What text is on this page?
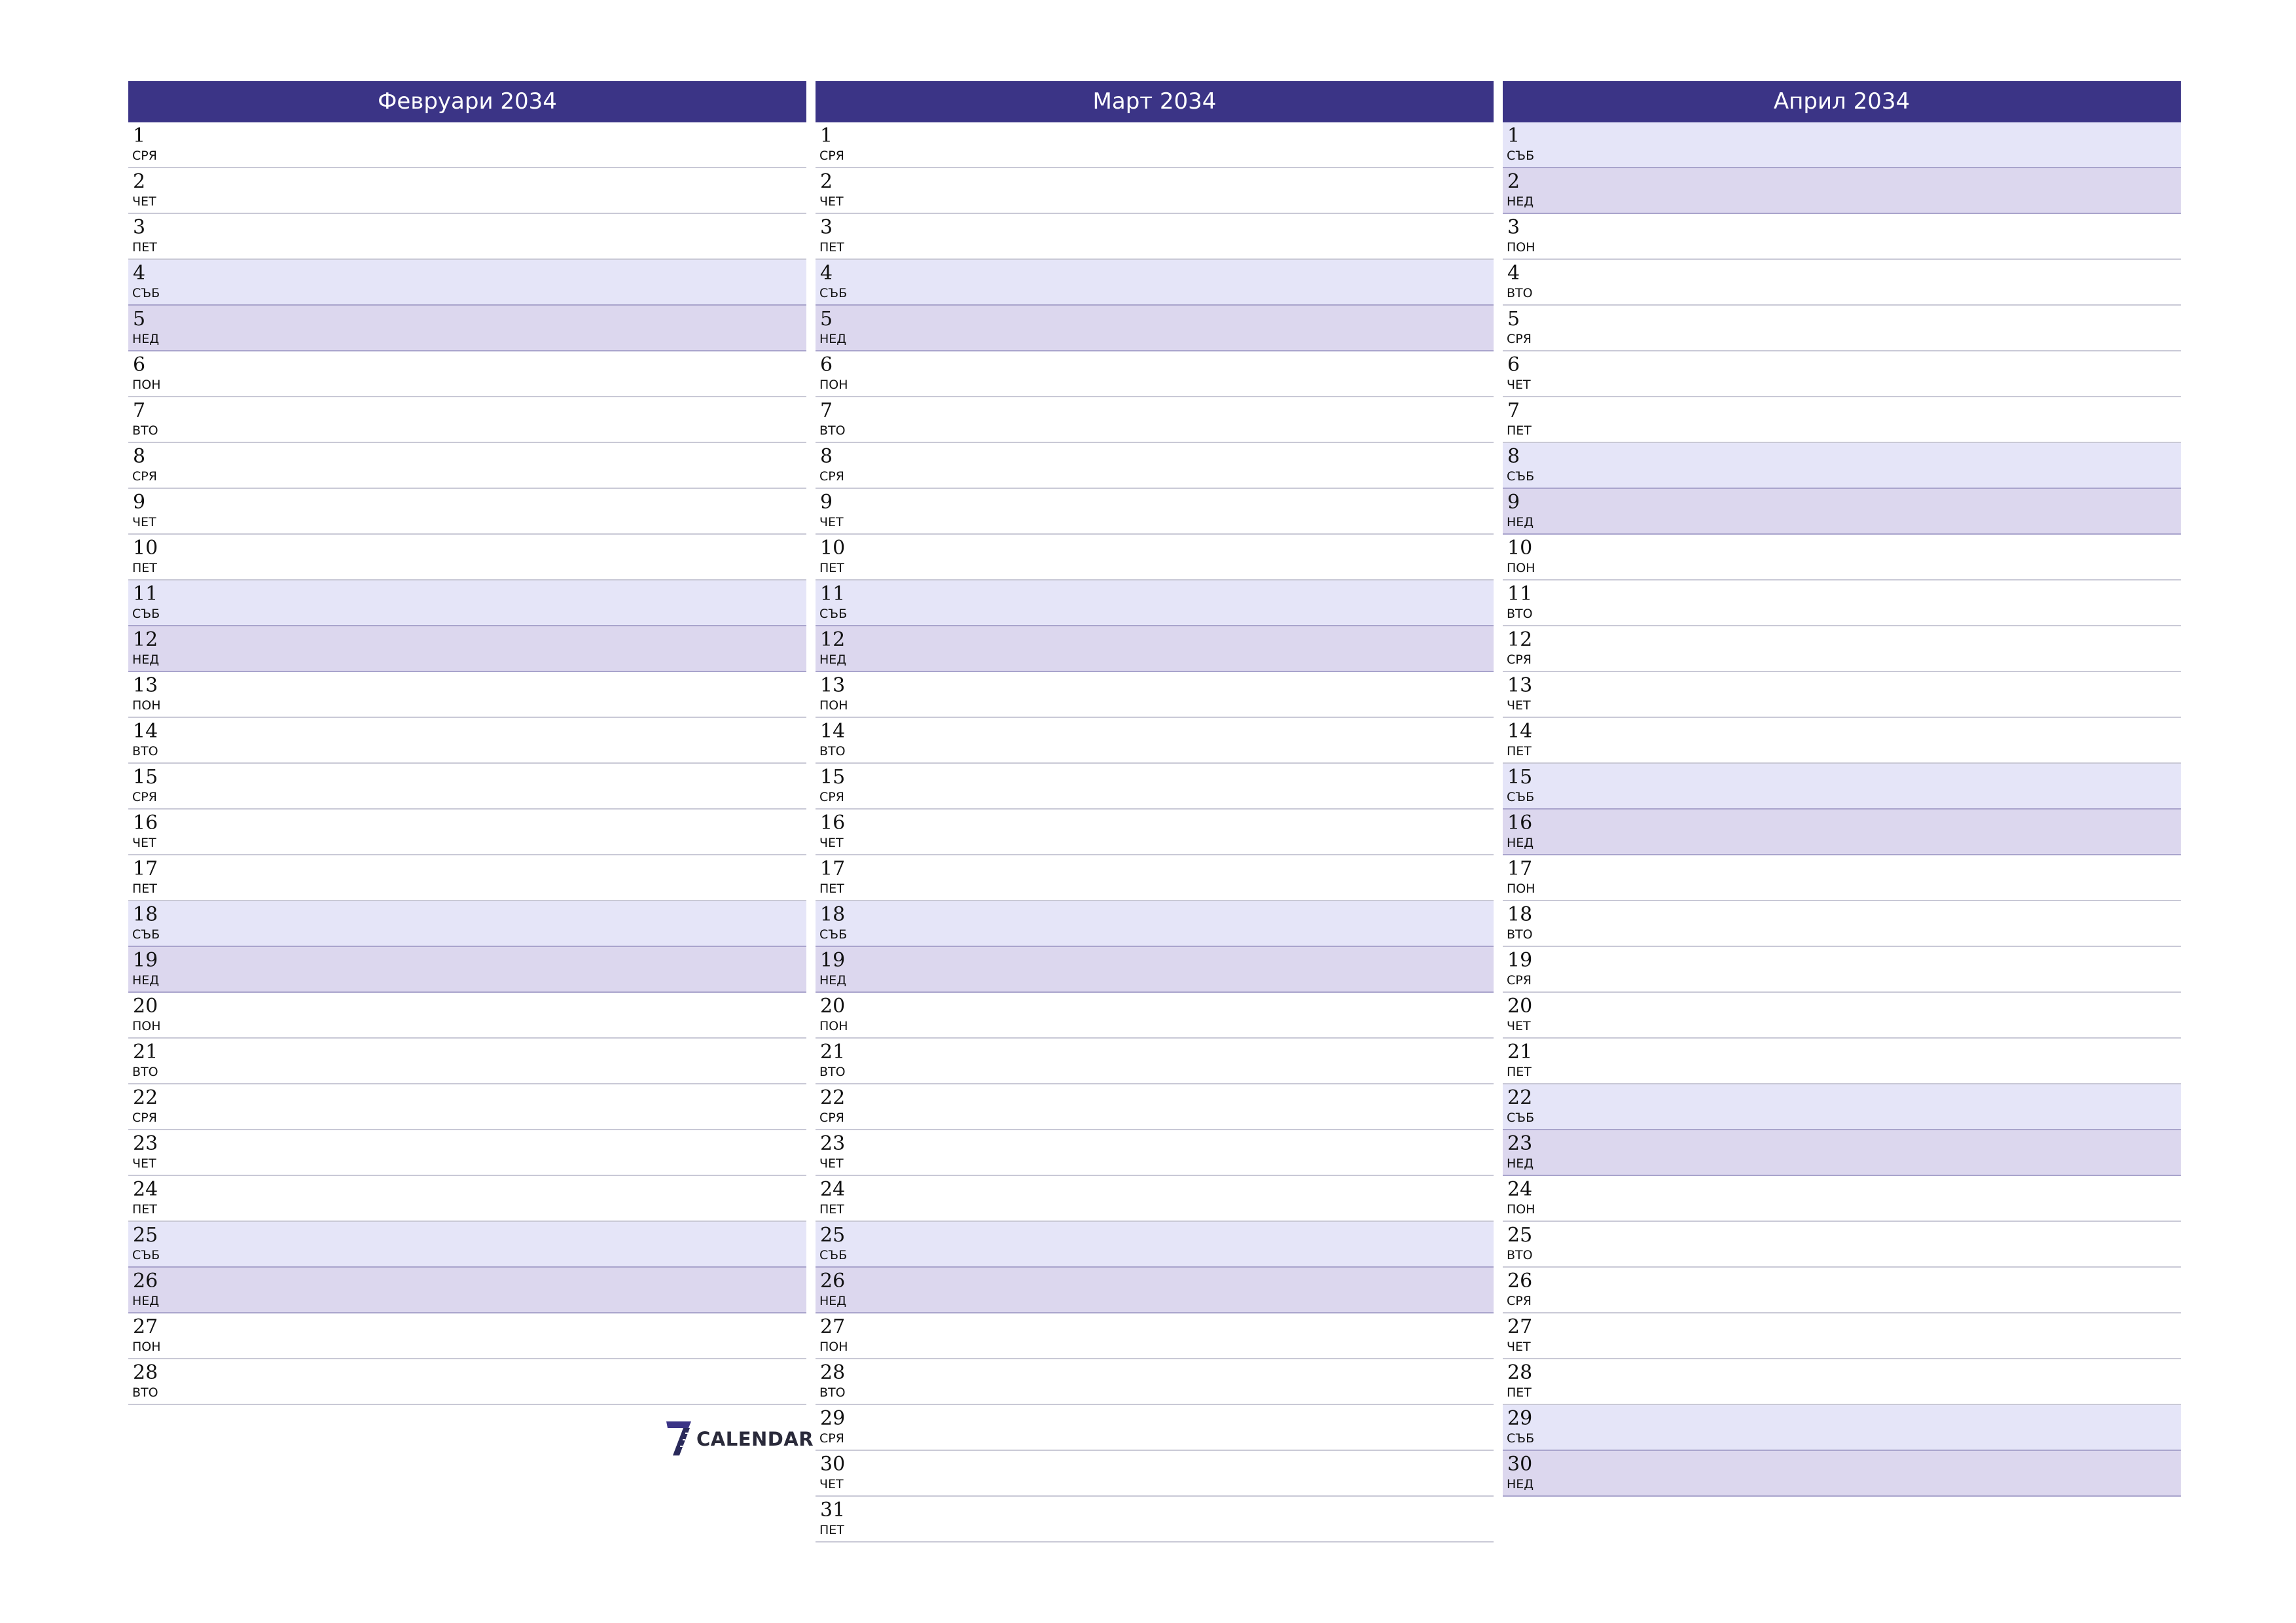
Февруари 2034
1
СРЯ
2
ЧЕТ
3
ПЕТ
4
СЪБ
5
НЕД
6
ПОН
7
ВТО
8
СРЯ
9
ЧЕТ
10
ПЕТ
11
СЪБ
12
НЕД
13
ПОН
14
ВТО
15
СРЯ
16
ЧЕТ
17
ПЕТ
18
СЪБ
19
НЕД
20
ПОН
21
ВТО
22
СРЯ
23
ЧЕТ
24
ПЕТ
25
СЪБ
26
НЕД
27
ПОН
28
ВТО
Март 2034
1
СРЯ
2
ЧЕТ
3
ПЕТ
4
СЪБ
5
НЕД
6
ПОН
7
ВТО
8
СРЯ
9
ЧЕТ
10
ПЕТ
11
СЪБ
12
НЕД
13
ПОН
14
ВТО
15
СРЯ
16
ЧЕТ
17
ПЕТ
18
СЪБ
19
НЕД
20
ПОН
21
ВТО
22
СРЯ
23
ЧЕТ
24
ПЕТ
25
СЪБ
26
НЕД
27
ПОН
28
ВТО
29
СРЯ
30
ЧЕТ
31
ПЕТ
Април 2034
1
СЪБ
2
НЕД
3
ПОН
4
ВТО
5
СРЯ
6
ЧЕТ
7
ПЕТ
8
СЪБ
9
НЕД
10
ПОН
11
ВТО
12
СРЯ
13
ЧЕТ
14
ПЕТ
15
СЪБ
16
НЕД
17
ПОН
18
ВТО
19
СРЯ
20
ЧЕТ
21
ПЕТ
22
СЪБ
23
НЕД
24
ПОН
25
ВТО
26
СРЯ
27
ЧЕТ
28
ПЕТ
29
СЪБ
30
НЕД
CALENDAR
